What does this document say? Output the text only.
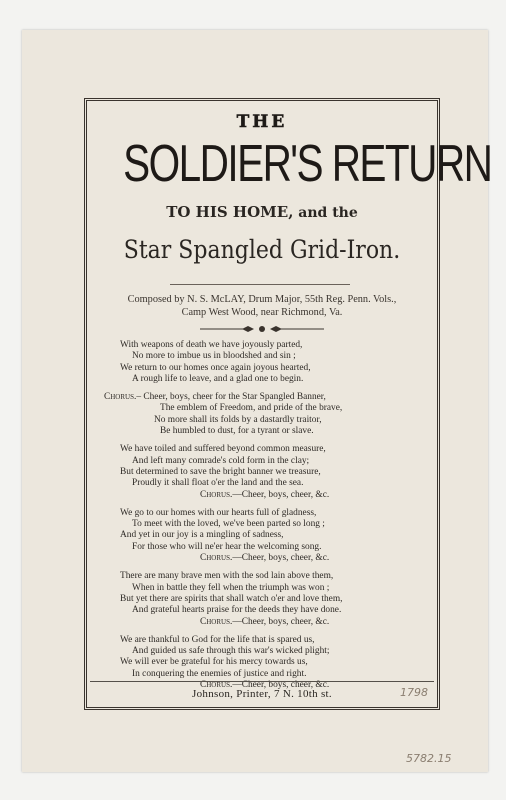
THE
SOLDIER'S RETURN
TO HIS HOME, and the
Star Spangled Grid-Iron.
Composed by N. S. McLAY, Drum Major, 55th Reg. Penn. Vols.,
Camp West Wood, near Richmond, Va.
With weapons of death we have joyously parted,
No more to imbue us in bloodshed and sin ;
We return to our homes once again joyous hearted,
A rough life to leave, and a glad one to begin.
Chorus.– Cheer, boys, cheer for the Star Spangled Banner,
The emblem of Freedom, and pride of the brave,
No more shall its folds by a dastardly traitor,
Be humbled to dust, for a tyrant or slave.
We have toiled and suffered beyond common measure,
And left many comrade's cold form in the clay;
But determined to save the bright banner we treasure,
Proudly it shall float o'er the land and the sea.
Chorus.—Cheer, boys, cheer, &c.
We go to our homes with our hearts full of gladness,
To meet with the loved, we've been parted so long ;
And yet in our joy is a mingling of sadness,
For those who will ne'er hear the welcoming song.
Chorus.—Cheer, boys, cheer, &c.
There are many brave men with the sod lain above them,
When in battle they fell when the triumph was won ;
But yet there are spirits that shall watch o'er and love them,
And grateful hearts praise for the deeds they have done.
Chorus.—Cheer, boys, cheer, &c.
We are thankful to God for the life that is spared us,
And guided us safe through this war's wicked plight;
We will ever be grateful for his mercy towards us,
In conquering the enemies of justice and right.
Chorus.—Cheer, boys, cheer, &c.
Johnson, Printer, 7 N. 10th st.	1798
5782.15
